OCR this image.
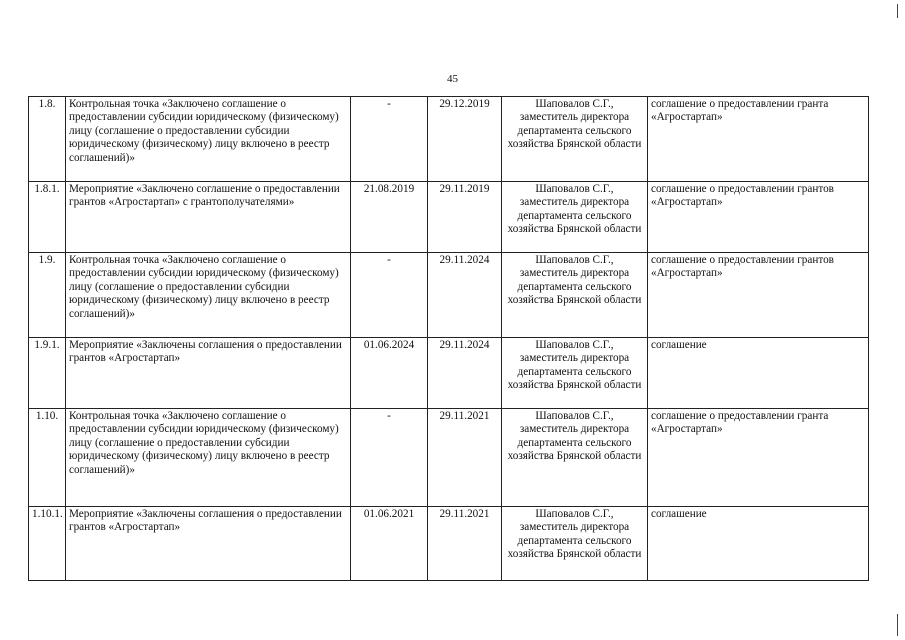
45
1.8.	Контрольная точка «Заключено соглашение о предоставлении субсидии юридическому (физическому) лицу (соглашение о предоставлении субсидии юридическому (физическому) лицу включено в реестр соглашений)»	-	29.12.2019	Шаповалов С.Г., заместитель директора департамента сельского хозяйства Брянской области	соглашение о предоставлении гранта «Агростартап»
1.8.1.	Мероприятие «Заключено соглашение о предоставлении грантов «Агростартап» с грантополучателями»	21.08.2019	29.11.2019	Шаповалов С.Г., заместитель директора департамента сельского хозяйства Брянской области	соглашение о предоставлении грантов «Агростартап»
1.9.	Контрольная точка «Заключено соглашение о предоставлении субсидии юридическому (физическому) лицу (соглашение о предоставлении субсидии юридическому (физическому) лицу включено в реестр соглашений)»	-	29.11.2024	Шаповалов С.Г., заместитель директора департамента сельского хозяйства Брянской области	соглашение о предоставлении грантов «Агростартап»
1.9.1.	Мероприятие «Заключены соглашения о предоставлении грантов «Агростартап»	01.06.2024	29.11.2024	Шаповалов С.Г., заместитель директора департамента сельского хозяйства Брянской области	соглашение
1.10.	Контрольная точка «Заключено соглашение о предоставлении субсидии юридическому (физическому) лицу (соглашение о предоставлении субсидии юридическому (физическому) лицу включено в реестр соглашений)»	-	29.11.2021	Шаповалов С.Г., заместитель директора департамента сельского хозяйства Брянской области	соглашение о предоставлении гранта «Агростартап»
1.10.1.	Мероприятие «Заключены соглашения о предоставлении грантов «Агростартап»	01.06.2021	29.11.2021	Шаповалов С.Г., заместитель директора департамента сельского хозяйства Брянской области	соглашение
